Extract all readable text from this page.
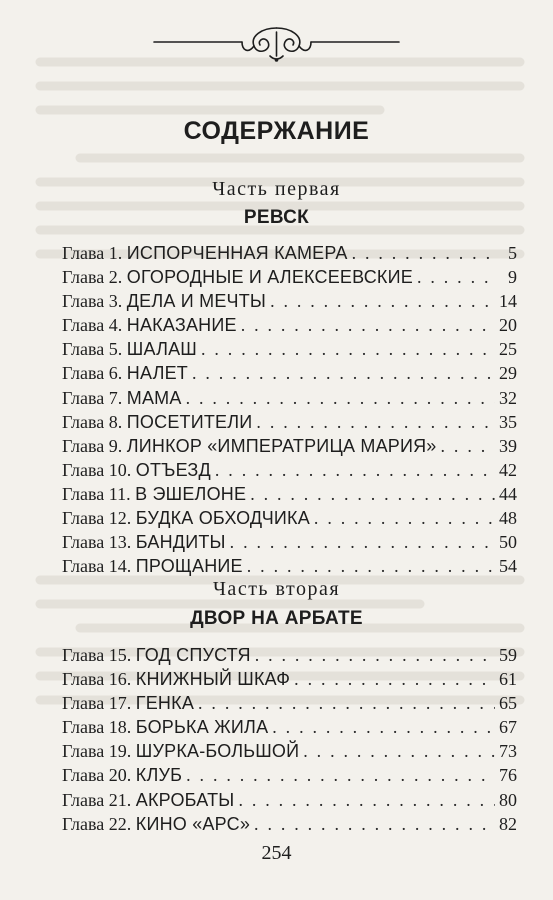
СОДЕРЖАНИЕ
Часть первая
РЕВСК
Глава 1. ИСПОРЧЕННАЯ КАМЕРА . . .	5
Глава 2. ОГОРОДНЫЕ И АЛЕКСЕЕВСКИЕ . . .	9
Глава 3. ДЕЛА И МЕЧТЫ . . .	14
Глава 4. НАКАЗАНИЕ . . .	20
Глава 5. ШАЛАШ . . .	25
Глава 6. НАЛЕТ . . .	29
Глава 7. МАМА . . .	32
Глава 8. ПОСЕТИТЕЛИ . . .	35
Глава 9. ЛИНКОР «ИМПЕРАТРИЦА МАРИЯ» . . .	39
Глава 10. ОТЪЕЗД . . .	42
Глава 11. В ЭШЕЛОНЕ . . .	44
Глава 12. БУДКА ОБХОДЧИКА . . .	48
Глава 13. БАНДИТЫ . . .	50
Глава 14. ПРОЩАНИЕ . . .	54
Часть вторая
ДВОР НА АРБАТЕ
Глава 15. ГОД СПУСТЯ . . .	59
Глава 16. КНИЖНЫЙ ШКАФ . . .	61
Глава 17. ГЕНКА . . .	65
Глава 18. БОРЬКА ЖИЛА . . .	67
Глава 19. ШУРКА-БОЛЬШОЙ . . .	73
Глава 20. КЛУБ . . .	76
Глава 21. АКРОБАТЫ . . .	80
Глава 22. КИНО «АРС» . . .	82
254
